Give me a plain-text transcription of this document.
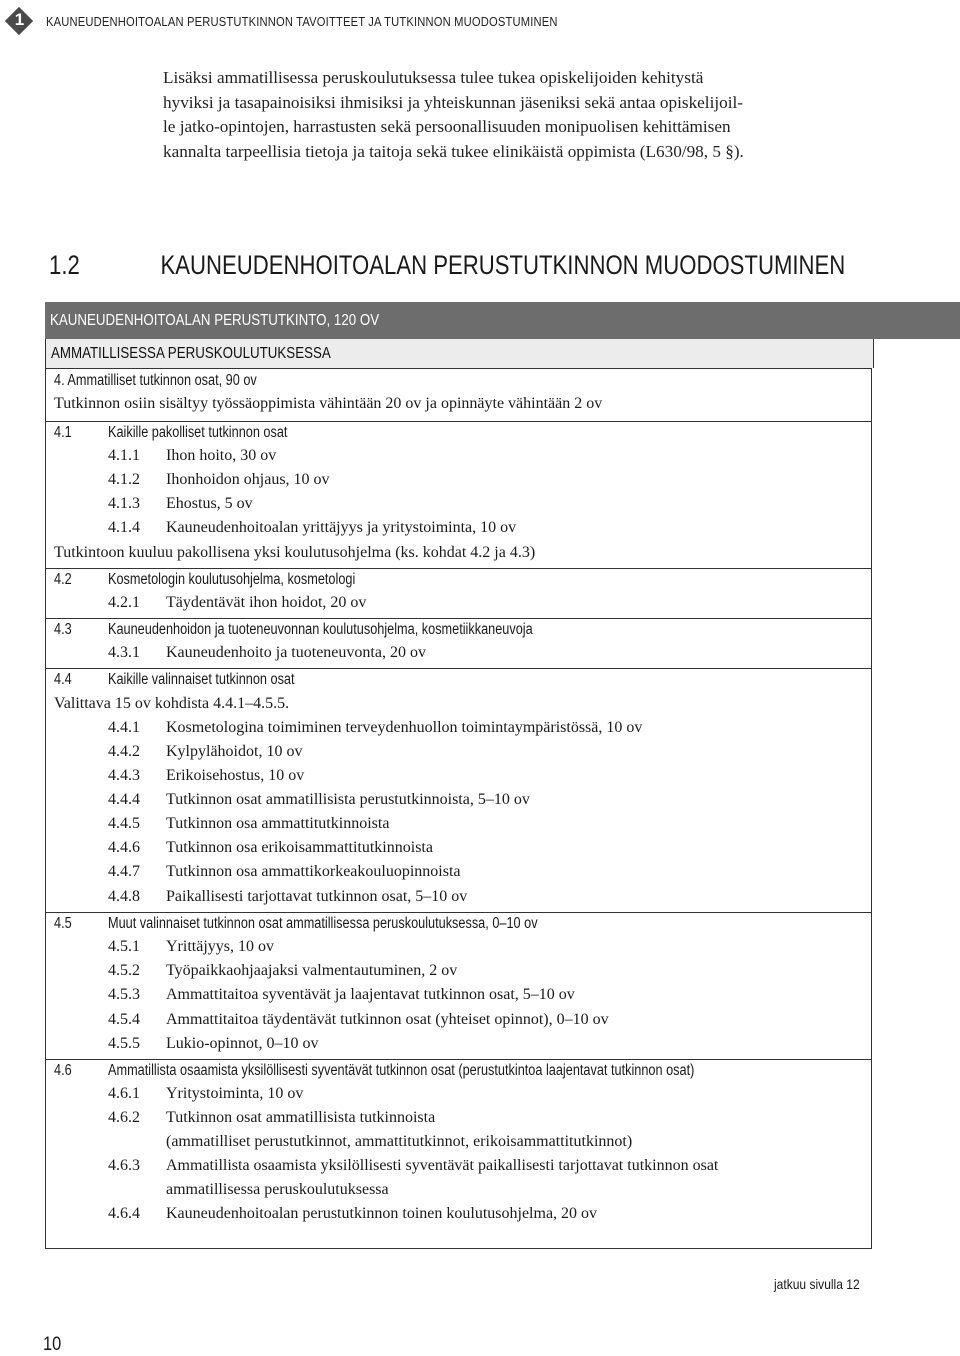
1	KAUNEUDENHOITOALAN PERUSTUTKINNON TAVOITTEET JA TUTKINNON MUODOSTUMINEN
Lisäksi ammatillisessa peruskoulutuksessa tulee tukea opiskelijoiden kehitystä
hyviksi ja tasapainoisiksi ihmisiksi ja yhteiskunnan jäseniksi sekä antaa opiskelijoil-
le jatko-opintojen, harrastusten sekä persoonallisuuden monipuolisen kehittämisen
kannalta tarpeellisia tietoja ja taitoja sekä tukee elinikäistä oppimista (L630/98, 5 §).
1.2	KAUNEUDENHOITOALAN PERUSTUTKINNON MUODOSTUMINEN
KAUNEUDENHOITOALAN PERUSTUTKINTO, 120 OV
AMMATILLISESSA PERUSKOULUTUKSESSA
4. Ammatilliset tutkinnon osat, 90 ov
Tutkinnon osiin sisältyy työssäoppimista vähintään 20 ov ja opinnäyte vähintään 2 ov
4.1 Kaikille pakolliset tutkinnon osat
4.1.1 Ihon hoito, 30 ov
4.1.2 Ihonhoidon ohjaus, 10 ov
4.1.3 Ehostus, 5 ov
4.1.4 Kauneudenhoitoalan yrittäjyys ja yritystoiminta, 10 ov
Tutkintoon kuuluu pakollisena yksi koulutusohjelma (ks. kohdat 4.2 ja 4.3)
4.2 Kosmetologin koulutusohjelma, kosmetologi
4.2.1 Täydentävät ihon hoidot, 20 ov
4.3 Kauneudenhoidon ja tuoteneuvonnan koulutusohjelma, kosmetiikkaneuvoja
4.3.1 Kauneudenhoito ja tuoteneuvonta, 20 ov
4.4 Kaikille valinnaiset tutkinnon osat
Valittava 15 ov kohdista 4.4.1–4.5.5.
4.4.1 Kosmetologina toimiminen terveydenhuollon toimintaympäristössä, 10 ov
4.4.2 Kylpylähoidot, 10 ov
4.4.3 Erikoisehostus, 10 ov
4.4.4 Tutkinnon osat ammatillisista perustutkinnoista, 5–10 ov
4.4.5 Tutkinnon osa ammattitutkinnoista
4.4.6 Tutkinnon osa erikoisammattitutkinnoista
4.4.7 Tutkinnon osa ammattikorkeakouluopinnoista
4.4.8 Paikallisesti tarjottavat tutkinnon osat, 5–10 ov
4.5 Muut valinnaiset tutkinnon osat ammatillisessa peruskoulutuksessa, 0–10 ov
4.5.1 Yrittäjyys, 10 ov
4.5.2 Työpaikkaohjaajaksi valmentautuminen, 2 ov
4.5.3 Ammattitaitoa syventävät ja laajentavat tutkinnon osat, 5–10 ov
4.5.4 Ammattitaitoa täydentävät tutkinnon osat (yhteiset opinnot), 0–10 ov
4.5.5 Lukio-opinnot, 0–10 ov
4.6 Ammatillista osaamista yksilöllisesti syventävät tutkinnon osat (perustutkintoa laajentavat tutkinnon osat)
4.6.1 Yritystoiminta, 10 ov
4.6.2 Tutkinnon osat ammatillisista tutkinnoista
(ammatilliset perustutkinnot, ammattitutkinnot, erikoisammattitutkinnot)
4.6.3 Ammatillista osaamista yksilöllisesti syventävät paikallisesti tarjottavat tutkinnon osat
ammatillisessa peruskoulutuksessa
4.6.4 Kauneudenhoitoalan perustutkinnon toinen koulutusohjelma, 20 ov
jatkuu sivulla 12
10
